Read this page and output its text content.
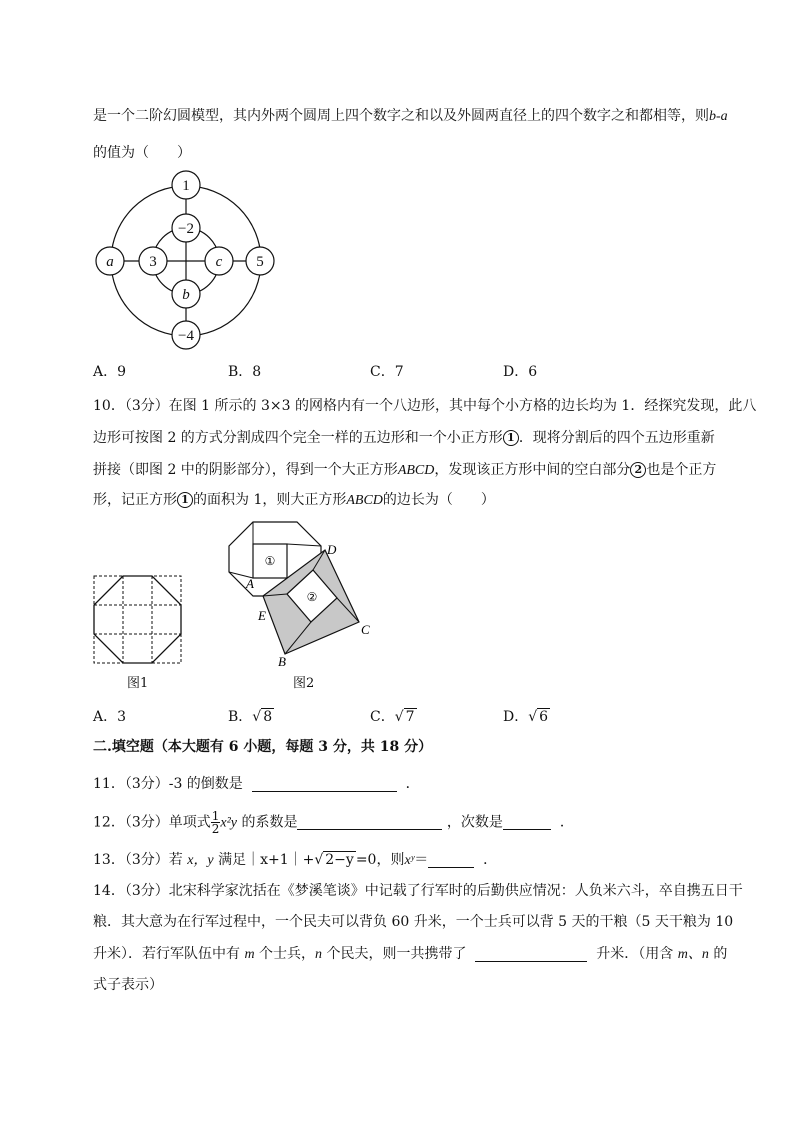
是一个二阶幻圆模型，其内外两个圆周上四个数字之和以及外圆两直径上的四个数字之和都相等，则b-a
的值为（　　）
1
−2
a 3	c 5
b
−4
A．9	B．8	C．7	D．6
10．（3分）在图 1 所示的 3×3 的网格内有一个八边形，其中每个小方格的边长均为 1．经探究发现，此八
边形可按图 2 的方式分割成四个完全一样的五边形和一个小正方形 1 ．现将分割后的四个五边形重新
拼接（即图 2 中的阴影部分），得到一个大正方形ABCD，发现该正方形中间的空白部分 2 也是个正方
形，记正方形 1 的面积为 1，则大正方形ABCD的边长为（　　）
图1
①
②
A
E
D
C
B
图2
A．3	B．√ 8	C．√ 7	D．√ 6
二.填空题（本大题有 6 小题，每题 3 分，共 18 分）
11．（3分）-3 的倒数是	．
12．（3分）单项式 $\frac{1}{2} x^2y$ 的系数是	，次数是	．
13．（3分）若 x，y 满足｜x+1｜+√ 2−y =0，则xʸ＝	．
14．（3分）北宋科学家沈括在《梦溪笔谈》中记载了行军时的后勤供应情况：人负米六斗，卒自携五日干
粮．其大意为在行军过程中，一个民夫可以背负 60 升米，一个士兵可以背 5 天的干粮（5 天干粮为 10
升米）．若行军队伍中有 m 个士兵，n 个民夫，则一共携带了	升米．（用含 m、n 的
式子表示）
